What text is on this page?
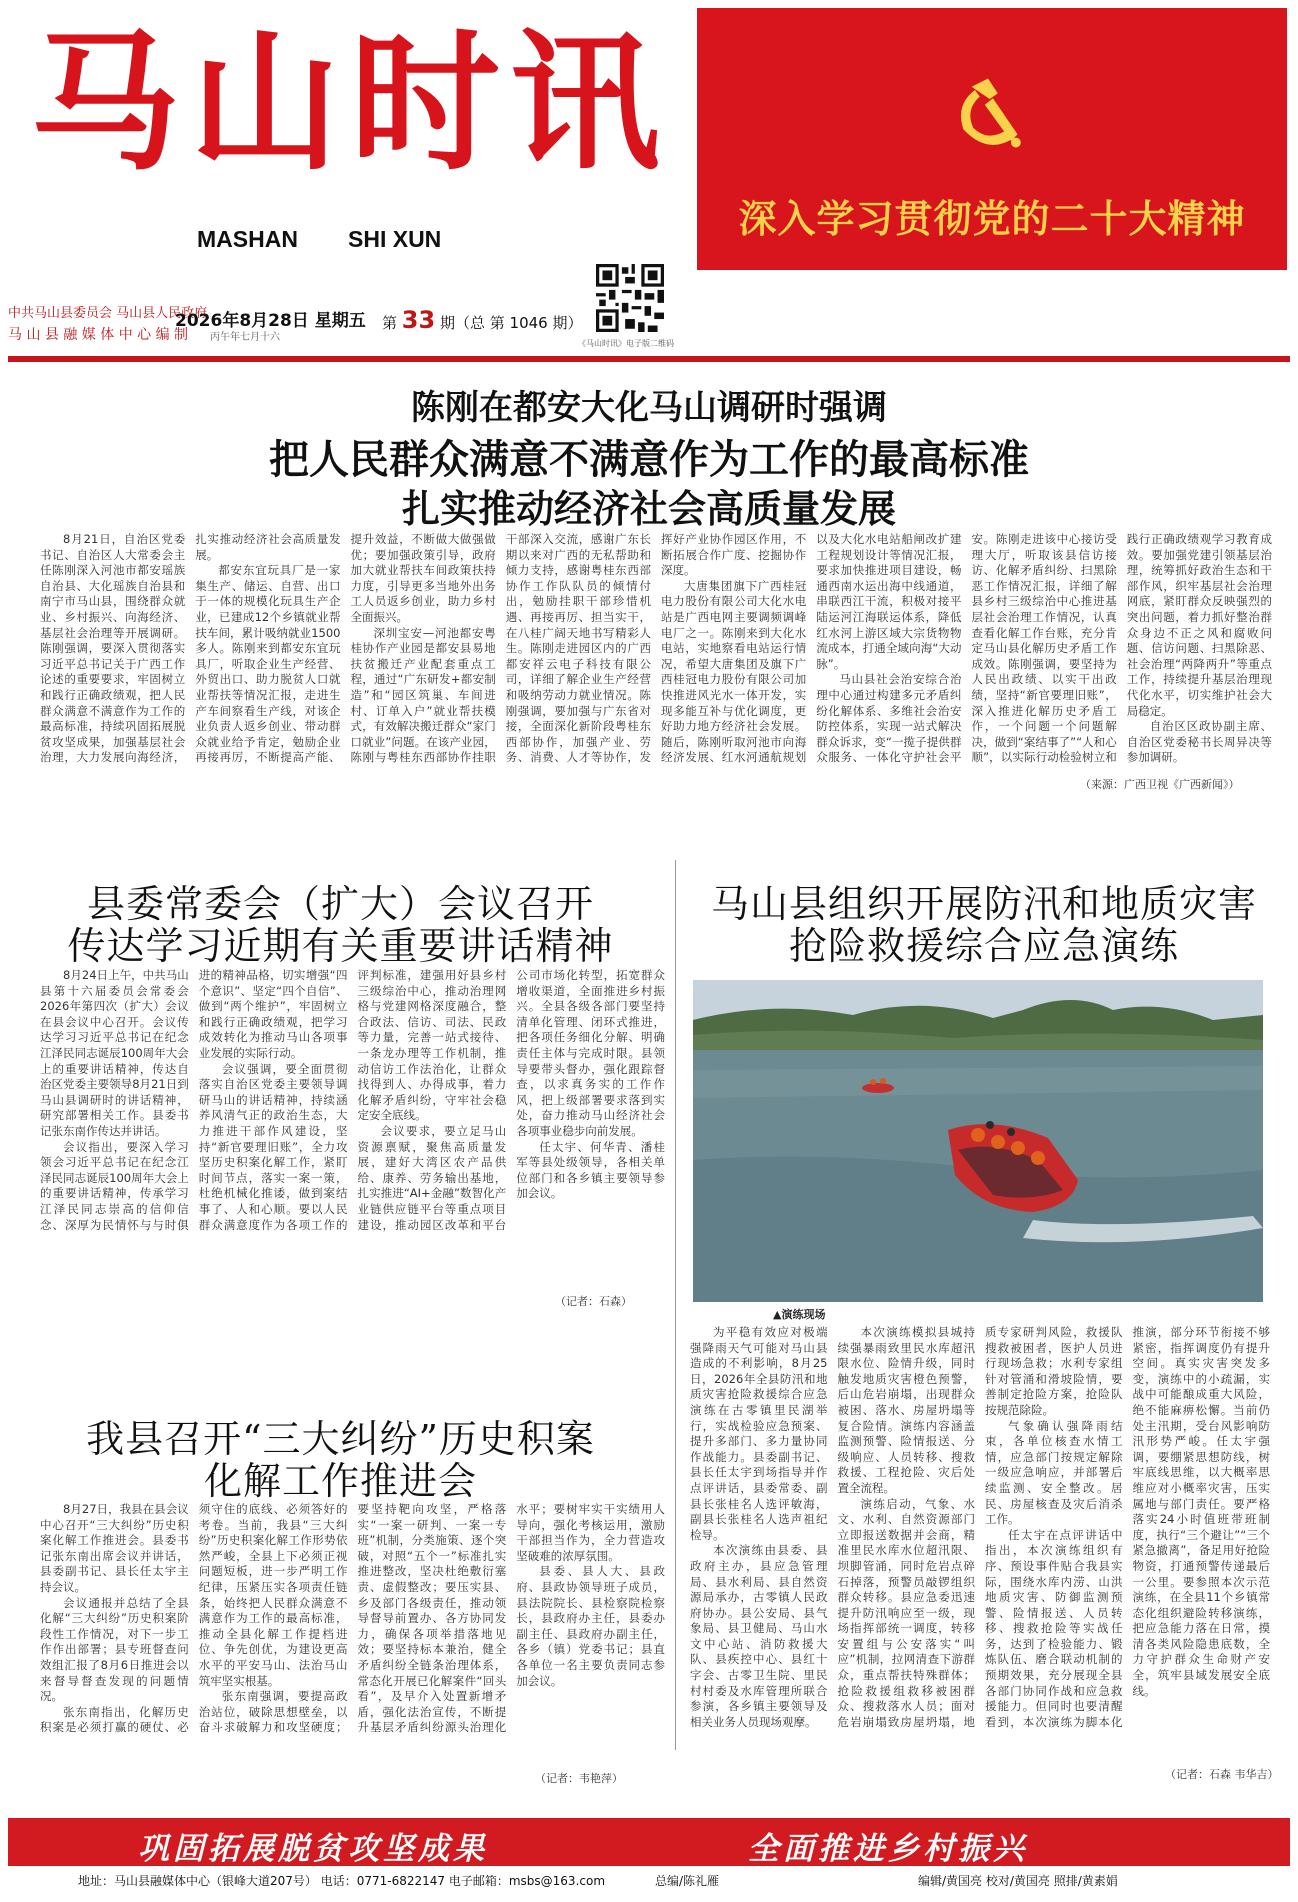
马山时讯
MASHAN SHI XUN	深入学习贯彻党的二十大精神
中共马山县委员会 马山县人民政府
马 山 县 融 媒 体 中 心 编 制
2026年8月28日 星期五
丙午年七月十六
第 33 期（总 第 1046 期）
《马山时讯》电子版二维码
陈刚在都安大化马山调研时强调
把人民群众满意不满意作为工作的最高标准
扎实推动经济社会高质量发展

8月21日，自治区党委书记、自治区人大常委会主任陈刚深入河池市都安瑶族自治县、大化瑶族自治县和南宁市马山县，围绕群众就业、乡村振兴、向海经济、基层社会治理等开展调研。陈刚强调，要深入贯彻落实习近平总书记关于广西工作论述的重要要求，牢固树立和践行正确政绩观，把人民群众满意不满意作为工作的最高标准，持续巩固拓展脱贫攻坚成果，加强基层社会治理，大力发展向海经济，扎实推动经济社会高质量发展。

都安东宜玩具厂是一家集生产、储运、自营、出口于一体的规模化玩具生产企业，已建成12个乡镇就业帮扶车间，累计吸纳就业1500多人。陈刚来到都安东宜玩具厂，听取企业生产经营、外贸出口、助力脱贫人口就业帮扶等情况汇报，走进生产车间察看生产线，对该企业负责人返乡创业、带动群众就业给予肯定，勉励企业再接再厉，不断提高产能、提升效益，不断做大做强做优；要加强政策引导，政府加大就业帮扶车间政策扶持力度，引导更多当地外出务工人员返乡创业，助力乡村全面振兴。

深圳宝安—河池都安粤桂协作产业园是都安县易地扶贫搬迁产业配套重点工程，通过“广东研发+都安制造”和“园区筑巢、车间进村、订单入户”就业帮扶模式，有效解决搬迁群众“家门口就业”问题。在该产业园，陈刚与粤桂东西部协作挂职干部深入交流，感谢广东长期以来对广西的无私帮助和倾力支持，感谢粤桂东西部协作工作队队员的倾情付出，勉励挂职干部珍惜机遇、再接再厉、担当实干，在八桂广阔天地书写精彩人生。陈刚走进园区内的广西都安祥云电子科技有限公司，详细了解企业生产经营和吸纳劳动力就业情况。陈刚强调，要加强与广东省对接，全面深化新阶段粤桂东西部协作，加强产业、劳务、消费、人才等协作，发挥好产业协作园区作用，不断拓展合作广度、挖掘协作深度。

大唐集团旗下广西桂冠电力股份有限公司大化水电站是广西电网主要调频调峰电厂之一。陈刚来到大化水电站，实地察看电站运行情况，希望大唐集团及旗下广西桂冠电力股份有限公司加快推进风光水一体开发，实现多能互补与优化调度，更好助力地方经济社会发展。随后，陈刚听取河池市向海经济发展、红水河通航规划以及大化水电站船闸改扩建工程规划设计等情况汇报，要求加快推进项目建设，畅通西南水运出海中线通道，串联西江干流，积极对接平陆运河江海联运体系，降低红水河上游区域大宗货物物流成本，打通全域向海“大动脉”。

马山县社会治安综合治理中心通过构建多元矛盾纠纷化解体系、多维社会治安防控体系，实现一站式解决群众诉求，变“一揽子提供群众服务、一体化守护社会平安。陈刚走进该中心接访受理大厅，听取该县信访接访、化解矛盾纠纷、扫黑除恶工作情况汇报，详细了解县乡村三级综治中心推进基层社会治理工作情况，认真查看化解工作台账，充分肯定马山县化解历史矛盾工作成效。陈刚强调，要坚持为人民出政绩、以实干出政绩，坚持“新官要理旧账”，深入推进化解历史矛盾工作，一个问题一个问题解决，做到“案结事了”“人和心顺”，以实际行动检验树立和践行正确政绩观学习教育成效。要加强党建引领基层治理，统筹抓好政治生态和干部作风，织牢基层社会治理网底，紧盯群众反映强烈的突出问题，着力抓好整治群众身边不正之风和腐败问题、信访问题、扫黑除恶、社会治理“两降两升”等重点工作，持续提升基层治理现代化水平，切实维护社会大局稳定。

自治区区政协副主席、自治区党委秘书长周异决等参加调研。

（来源：广西卫视《广西新闻》）
县委常委会（扩大）会议召开
传达学习近期有关重要讲话精神

8月24日上午，中共马山县第十六届委员会常委会2026年第四次（扩大）会议在县会议中心召开。会议传达学习习近平总书记在纪念江泽民同志诞辰100周年大会上的重要讲话精神，传达自治区党委主要领导8月21日到马山县调研时的讲话精神，研究部署相关工作。县委书记张东南作传达并讲话。

会议指出，要深入学习领会习近平总书记在纪念江泽民同志诞辰100周年大会上的重要讲话精神，传承学习江泽民同志崇高的信仰信念、深厚为民情怀与与时俱进的精神品格，切实增强“四个意识”、坚定“四个自信”、做到“两个维护”，牢固树立和践行正确政绩观，把学习成效转化为推动马山各项事业发展的实际行动。

会议强调，要全面贯彻落实自治区党委主要领导调研马山的讲话精神，持续涵养风清气正的政治生态，大力推进干部作风建设，坚持“新官要理旧账”，全力攻坚历史积案化解工作，紧盯时间节点，落实一案一策，杜绝机械化推诿，做到案结事了、人和心顺。要以人民群众满意度作为各项工作的评判标准，建强用好县乡村三级综治中心，推动治理网格与党建网格深度融合，整合政法、信访、司法、民政等力量，完善一站式接待、一条龙办理等工作机制，推动信访工作法治化，让群众找得到人、办得成事，着力化解矛盾纠纷，守牢社会稳定安全底线。

会议要求，要立足马山资源禀赋，聚焦高质量发展，建好大湾区农产品供给、康养、劳务输出基地，扎实推进“AI+金融”数智化产业链供应链平台等重点项目建设，推动园区改革和平台公司市场化转型，拓宽群众增收渠道，全面推进乡村振兴。全县各级各部门要坚持清单化管理、闭环式推进，把各项任务细化分解、明确责任主体与完成时限。县领导要带头督办，强化跟踪督查，以求真务实的工作作风，把上级部署要求落到实处，奋力推动马山经济社会各项事业稳步向前发展。

任太宇、何华青、潘桂军等县处级领导，各相关单位部门和各乡镇主要领导参加会议。

（记者：石森）
马山县组织开展防汛和地质灾害
抢险救援综合应急演练
▲演练现场

为平稳有效应对极端强降雨天气可能对马山县造成的不利影响，8月25日，2026年全县防汛和地质灾害抢险救援综合应急演练在古零镇里民湖举行，实战检验应急预案、提升多部门、多力量协同作战能力。县委副书记、县长任太宇到场指导并作点评讲话，县委常委、副县长张桂名人选评敏海，副县长张桂名人选声祖纪检导。

本次演练由县委、县政府主办，县应急管理局、县水利局、县自然资源局承办，古零镇人民政府协办。县公安局、县气象局、县卫健局、马山水文中心站、消防救援大队、县疾控中心、县红十字会、古零卫生院、里民村村委及水库管理所联合参演，各乡镇主要领导及相关业务人员现场观摩。

本次演练模拟县城持续强暴雨致里民水库超汛限水位、险情升级，同时触发地质灾害橙色预警，后山危岩崩塌，出现群众被困、落水、房屋坍塌等复合险情。演练内容涵盖监测预警、险情报送、分级响应、人员转移、搜救救援、工程抢险、灾后处置全流程。

演练启动，气象、水文、水利、自然资源部门立即报送数据并会商，精准里民水库水位超汛限、坝脚管涌，同时危岩点碎石掉落，预警员敲锣组织群众转移。县应急委迅速提升防汛响应至一级，现场指挥部统一调度，转移安置组与公安落实“叫应”机制，拉网清查下游群众，重点帮扶特殊群体；抢险救援组救移被困群众、搜救落水人员；面对危岩崩塌致房屋坍塌，地质专家研判风险，救援队搜救被困者，医护人员进行现场急救；水利专家组针对管涌和滑坡险情，要善制定抢险方案，抢险队按规范除险。

气象确认强降雨结束，各单位核查水情工情，应急部门按规定解除一级应急响应，并部署后续监测、安全整改。居民、房屋核查及灾后消杀工作。

任太宇在点评讲话中指出，本次演练组织有序、预设事件贴合我县实际，围绕水库内涝、山洪地质灾害、防御监测预警、险情报送、人员转移、搜救抢险等实战任务，达到了检验能力、锻炼队伍、磨合联动机制的预期效果，充分展现全县各部门协同作战和应急救援能力。但同时也要清醒看到，本次演练为脚本化推演，部分环节衔接不够紧密，指挥调度仍有提升空间。真实灾害突发多变，演练中的小疏漏，实战中可能酿成重大风险，绝不能麻痹松懈。当前仍处主汛期，受台风影响防汛形势严峻。任太宇强调，要绷紧思想防线，树牢底线思维，以大概率思维应对小概率灾害，压实属地与部门责任。要严格落实24小时值班带班制度，执行“三个避让”“三个紧急撤离”，备足用好抢险物资，打通预警传递最后一公里。要参照本次示范演练，在全县11个乡镇常态化组织避险转移演练，把应急能力落在日常，摸清各类风险隐患底数，全力守护群众生命财产安全，筑牢县域发展安全底线。

（记者：石森 韦华吉）
我县召开“三大纠纷”历史积案
化解工作推进会

8月27日，我县在县会议中心召开“三大纠纷”历史积案化解工作推进会。县委书记张东南出席会议并讲话，县委副书记、县长任太宇主持会议。

会议通报并总结了全县化解“三大纠纷”历史积案阶段性工作情况，对下一步工作作出部署；县专班督查问效组汇报了8月6日推进会以来督导督查发现的问题情况。

张东南指出，化解历史积案是必须打赢的硬仗、必须守住的底线、必须答好的考卷。当前，我县“三大纠纷”历史积案化解工作形势依然严峻，全县上下必须正视问题短板，进一步严明工作纪律，压紧压实各项责任链条，始终把人民群众满意不满意作为工作的最高标准，推动全县化解工作提档进位、争先创优，为建设更高水平的平安马山、法治马山筑牢坚实根基。

张东南强调，要提高政治站位，破除思想壁垒，以奋斗求破解力和攻坚硬度；要坚持靶向攻坚，严格落实“一案一研判、一案一专班”机制，分类施策、逐个突破，对照“五个一”标准扎实推进整改，坚决杜绝敷衍塞责、虚假整改；要压实县、乡及部门各级责任，推动领导督导前置办、各方协同发力，确保各项举措落地见效；要坚持标本兼治，健全矛盾纠纷全链条治理体系，常态化开展已化解案件“回头看”，及早介入处置新增矛盾，强化法治宣传，不断提升基层矛盾纠纷源头治理化水平；要树牢实干实绩用人导向，强化考核运用，激励干部担当作为，全力营造攻坚破难的浓厚氛围。

县委、县人大、县政府、县政协领导班子成员，县法院院长、县检察院检察长，县政府办主任，县委办副主任、县政府办副主任，各乡（镇）党委书记；县直各单位一名主要负责同志参加会议。

（记者：韦艳萍）
巩固拓展脱贫攻坚成果	全面推进乡村振兴
地址：马山县融媒体中心（银峰大道207号） 电话：0771-6822147 电子邮箱：msbs@163.com	总编/陈礼雁	编辑/黄国亮 校对/黄国亮 照排/黄素娟
